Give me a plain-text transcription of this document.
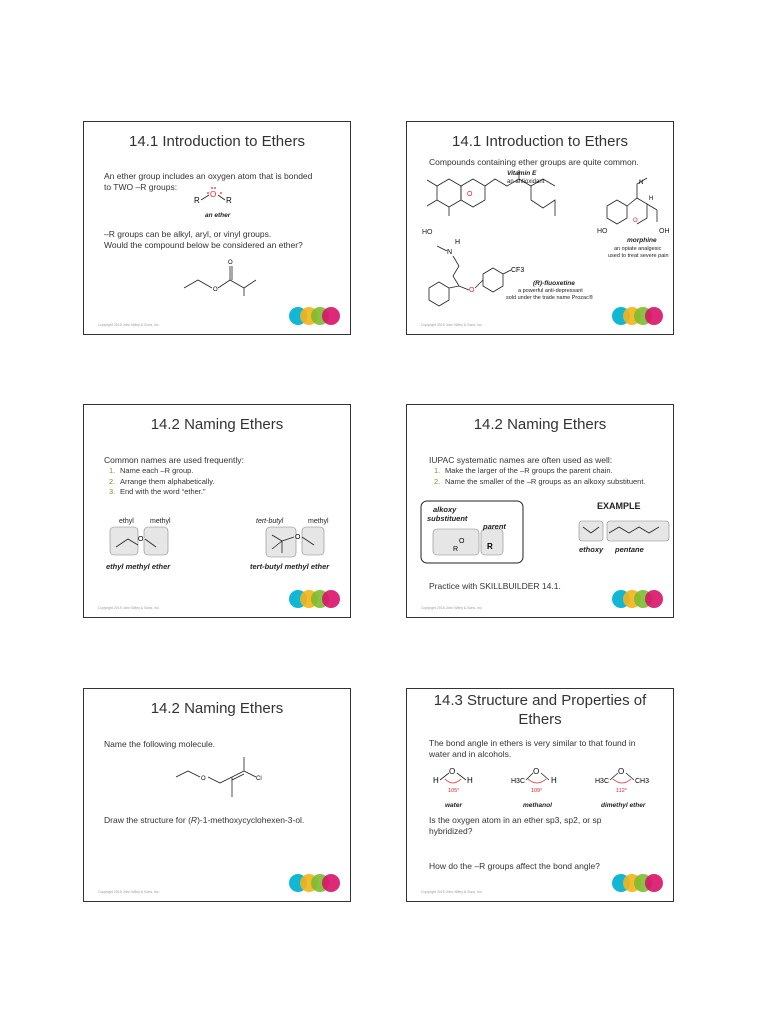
14.1 Introduction to Ethers
An ether group includes an oxygen atom that is bonded
to TWO –R groups:
R
O
R
an ether
–R groups can be alkyl, aryl, or vinyl groups.
Would the compound below be considered an ether?
O
O
Copyright 2015 John Wiley & Sons, Inc.
14.1 Introduction to Ethers
Compounds containing ether groups are quite common.
O
Vitamin E
an antioxidant
HO
O
N
H
HO	OH
morphine
an opiate analgesic
used to treat severe pain
H
N
O
CF3
(R)-fluoxetine
a powerful anti-depressant
sold under the trade name Prozac®
Copyright 2015 John Wiley & Sons, Inc.
14.2 Naming Ethers
Common names are used frequently:
1. Name each –R group.
2. Arrange them alphabetically.
3. End with the word “ether.”
ethyl methyl
O
ethyl methyl ether
tert-butyl	methyl
O
tert-butyl methyl ether
Copyright 2015 John Wiley & Sons, Inc.
14.2 Naming Ethers
IUPAC systematic names are often used as well:
1. Make the larger of the –R groups the parent chain.
2. Name the smaller of the –R groups as an alkoxy substituent.
O
R	R
alkoxy
substituent
parent
EXAMPLE
ethoxy pentane
Practice with SKILLBUILDER 14.1.
Copyright 2015 John Wiley & Sons, Inc.
14.2 Naming Ethers
Name the following molecule.
O	Cl
Draw the structure for (R)-1-methoxycyclohexen-3-ol.
Copyright 2015 John Wiley & Sons, Inc.
14.3 Structure and Properties of
Ethers
The bond angle in ethers is very similar to that found in
water and in alcohols.
H
O
H
105°
water
H3C
O
H
109°
methanol
H3C
O
CH3
112°
dimethyl ether
Is the oxygen atom in an ether sp3, sp2, or sp
hybridized?
How do the –R groups affect the bond angle?
Copyright 2015 John Wiley & Sons, Inc.
